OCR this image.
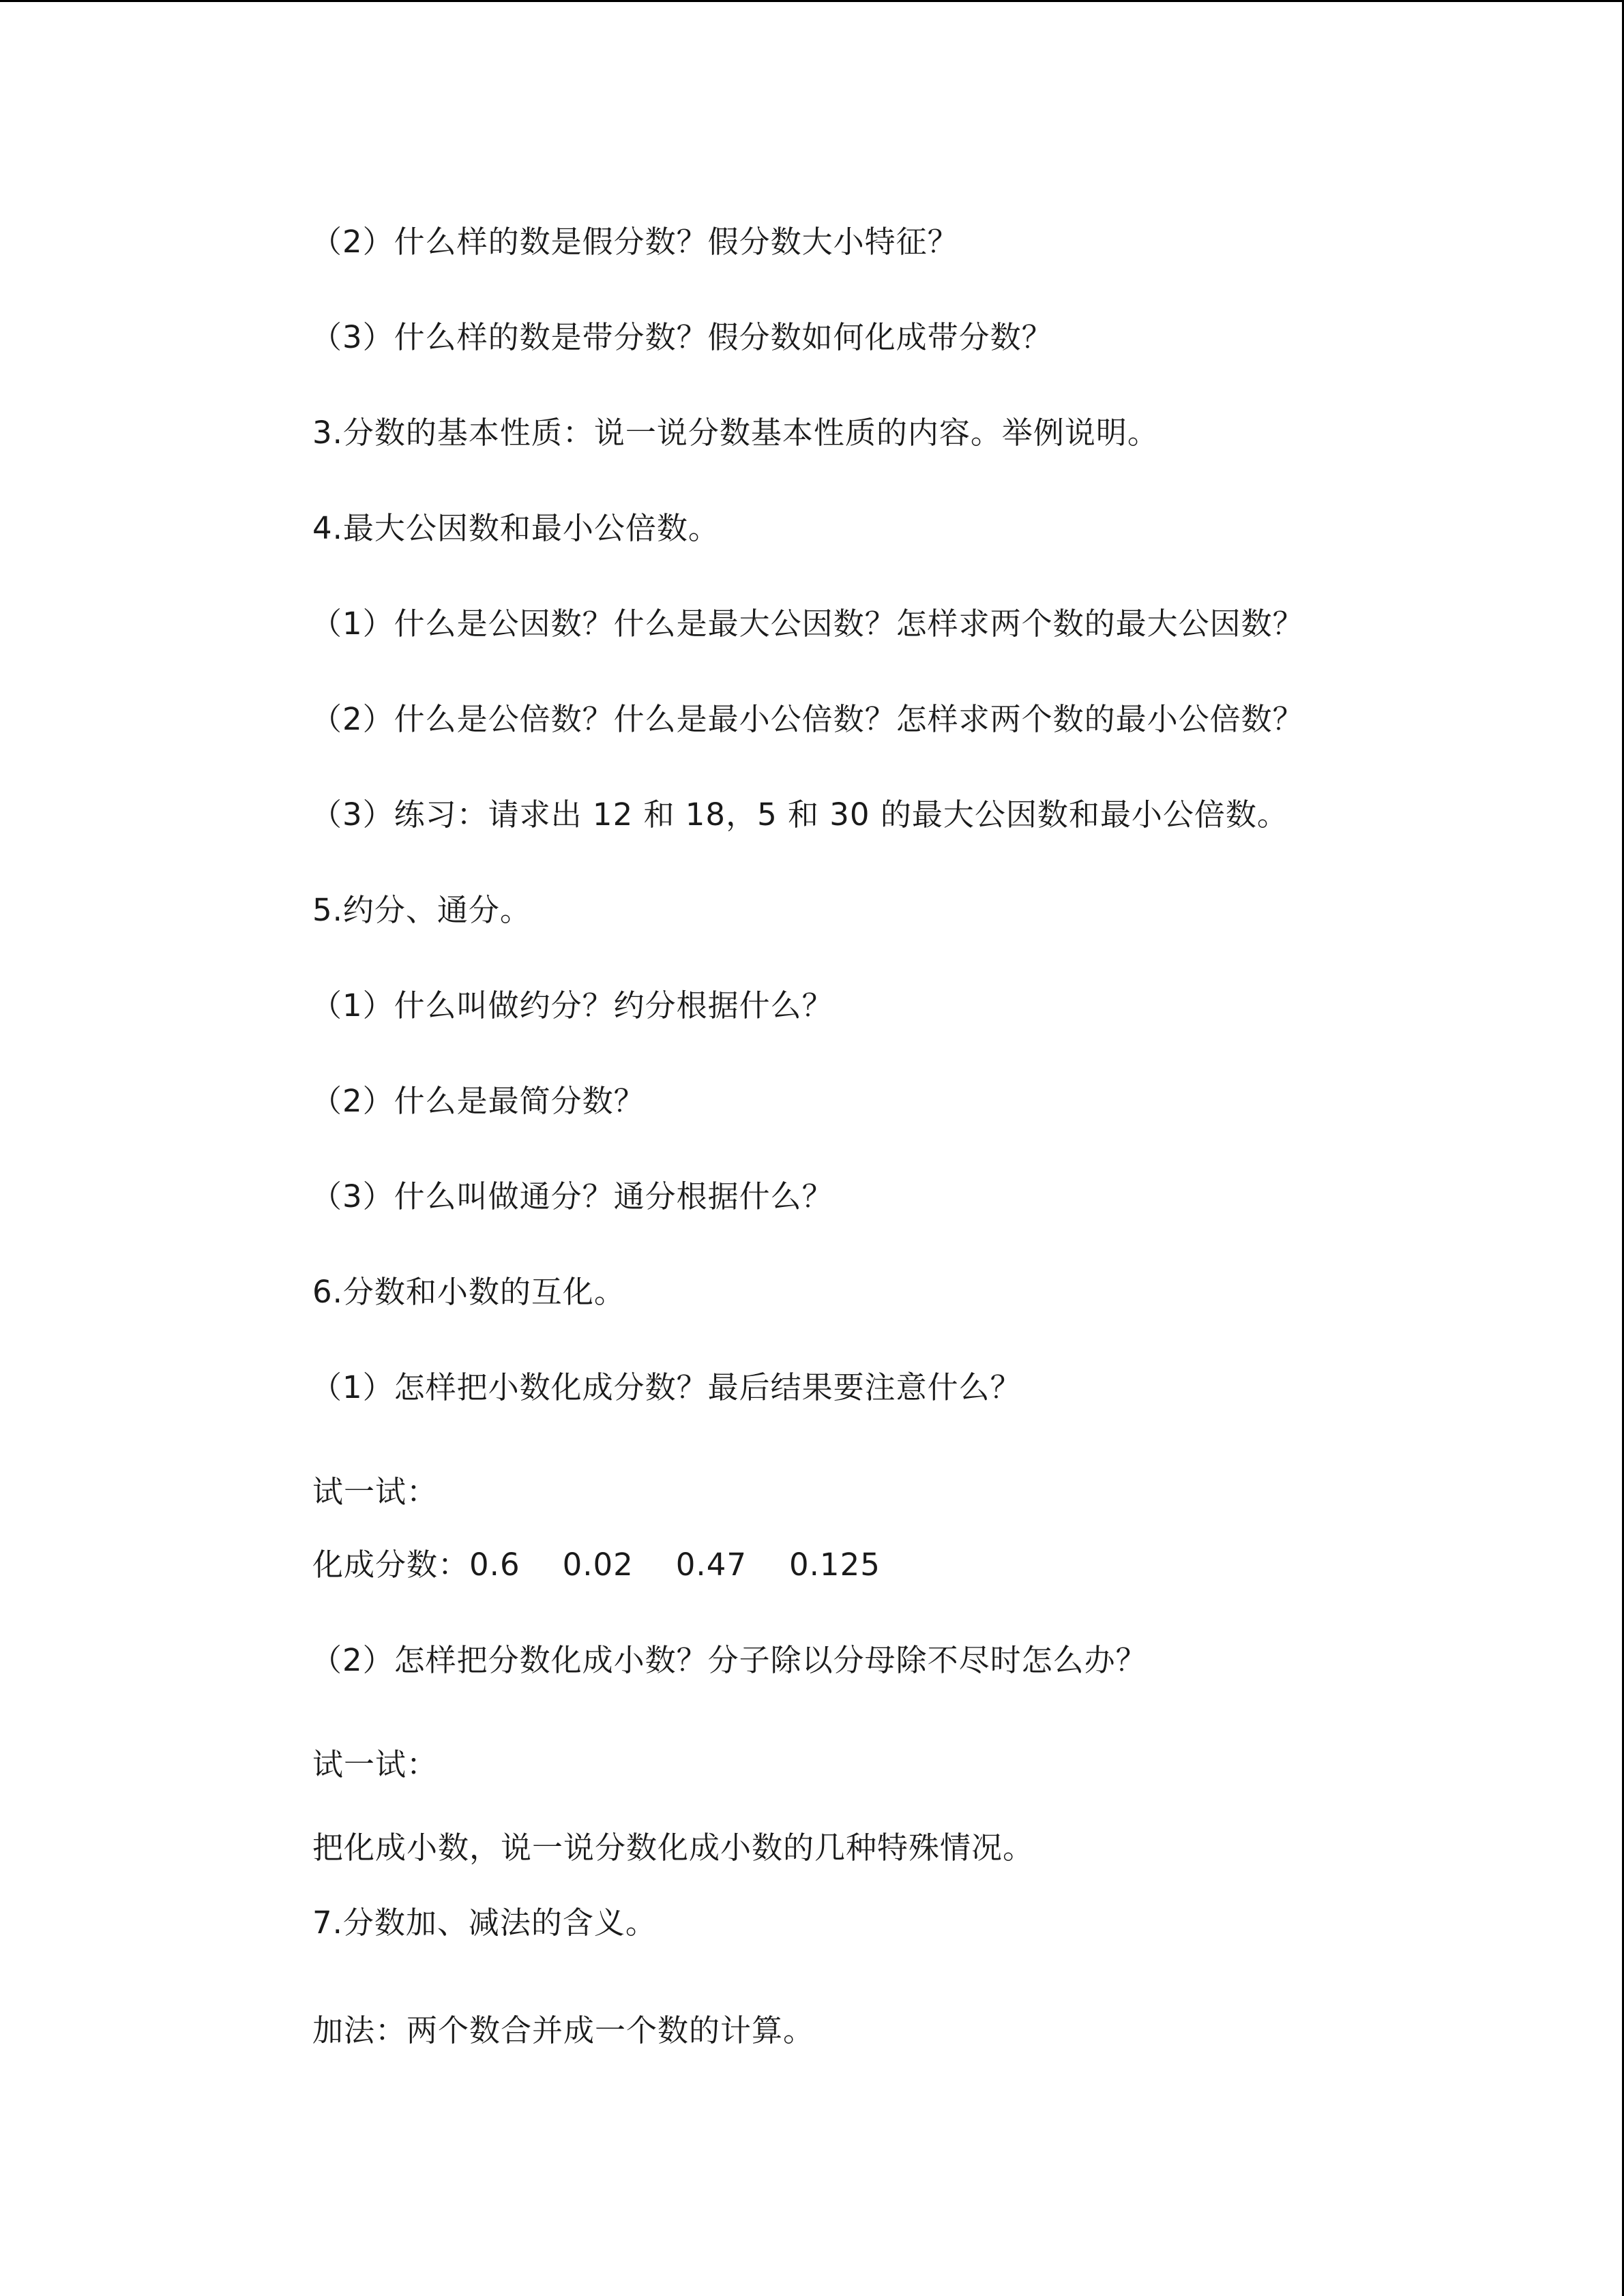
（2）什么样的数是假分数？假分数大小特征？

（3）什么样的数是带分数？假分数如何化成带分数？

3.分数的基本性质：说一说分数基本性质的内容。举例说明。

4.最大公因数和最小公倍数。

（1）什么是公因数？什么是最大公因数？怎样求两个数的最大公因数？

（2）什么是公倍数？什么是最小公倍数？怎样求两个数的最小公倍数？

（3）练习：请求出 12 和 18，5 和 30 的最大公因数和最小公倍数。

5.约分、通分。

（1）什么叫做约分？约分根据什么？

（2）什么是最简分数？

（3）什么叫做通分？通分根据什么？

6.分数和小数的互化。

（1）怎样把小数化成分数？最后结果要注意什么？

试一试：

化成分数：0.6 0.02 0.47 0.125

（2）怎样把分数化成小数？分子除以分母除不尽时怎么办？

试一试：

把化成小数，说一说分数化成小数的几种特殊情况。

7.分数加、减法的含义。

加法：两个数合并成一个数的计算。
